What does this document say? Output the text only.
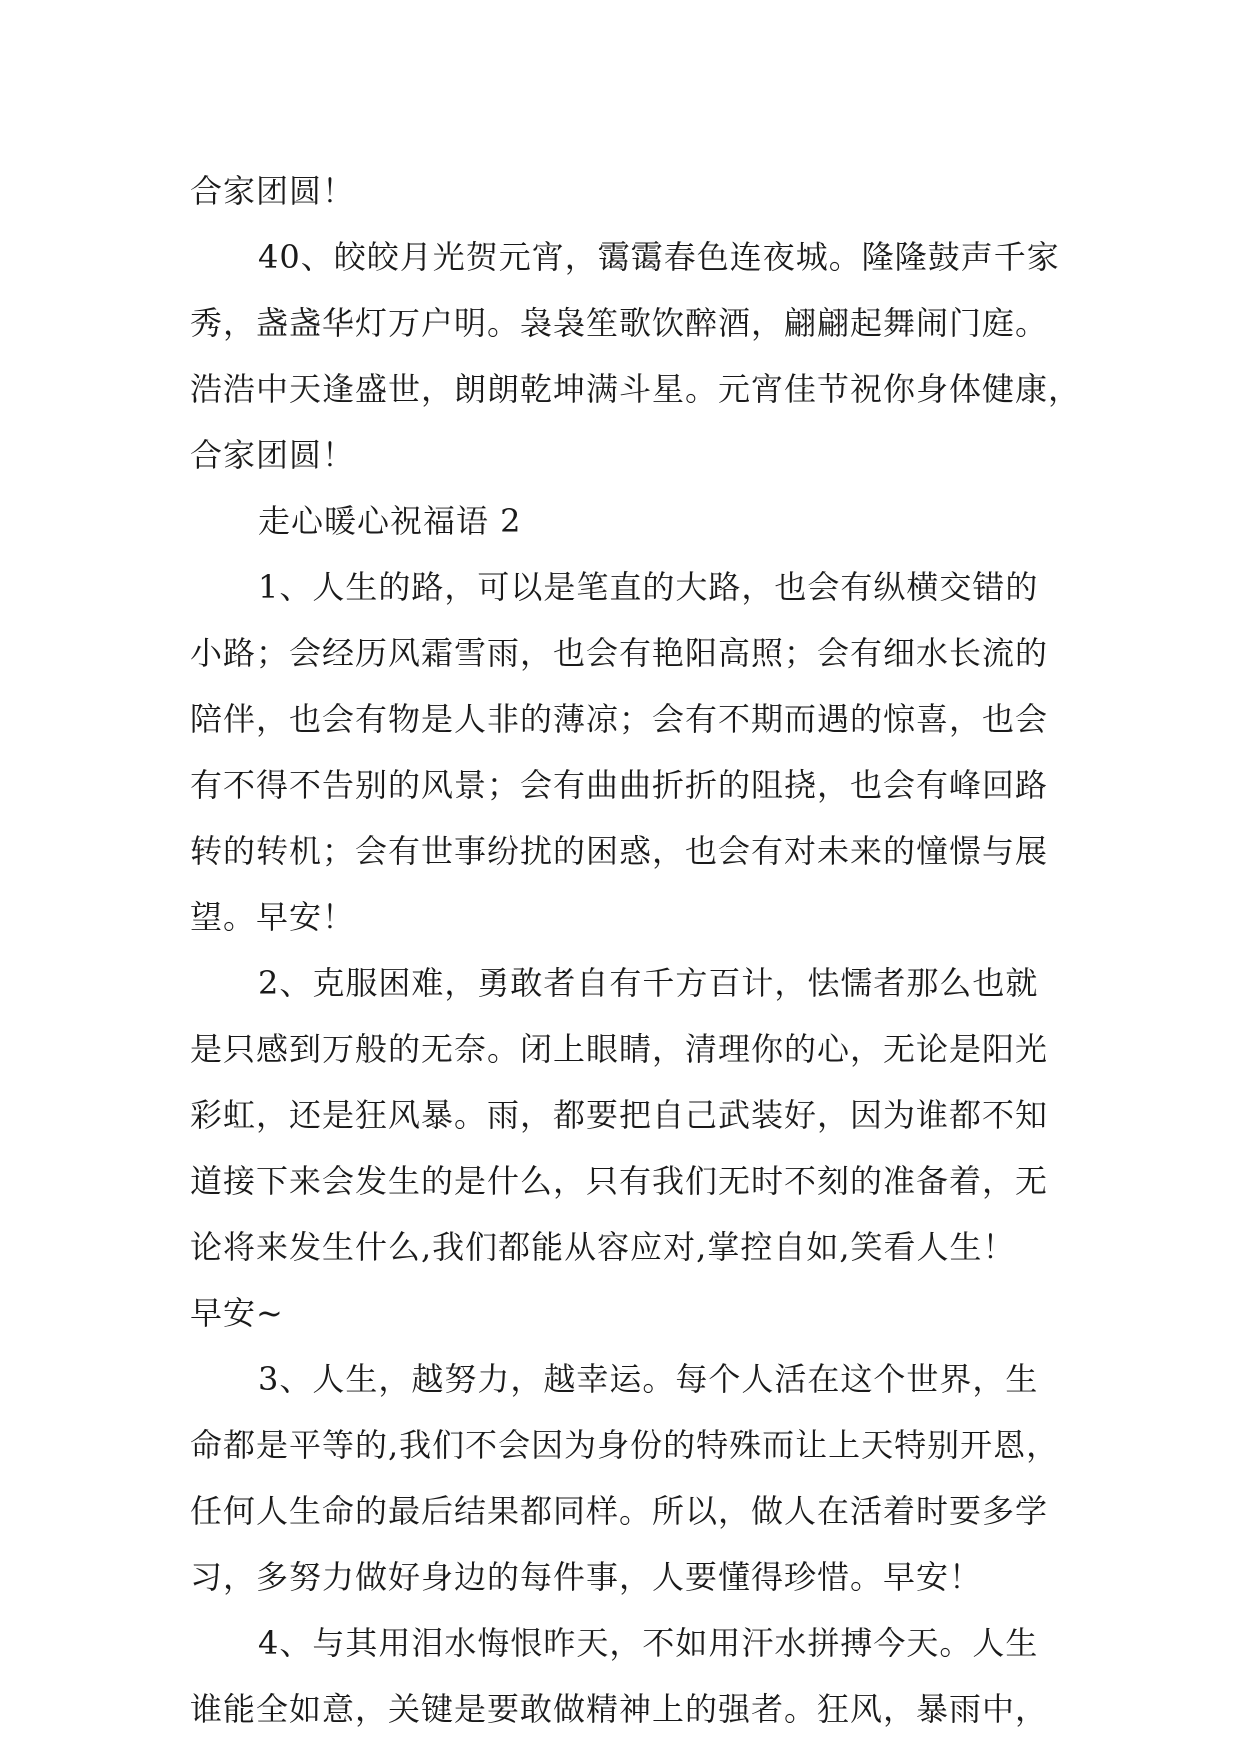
合家团圆！
40、皎皎月光贺元宵，霭霭春色连夜城。隆隆鼓声千家
秀，盏盏华灯万户明。袅袅笙歌饮醉酒，翩翩起舞闹门庭。
浩浩中天逢盛世，朗朗乾坤满斗星。元宵佳节祝你身体健康，
合家团圆！
走心暖心祝福语 2
1、人生的路，可以是笔直的大路，也会有纵横交错的
小路；会经历风霜雪雨，也会有艳阳高照；会有细水长流的
陪伴，也会有物是人非的薄凉；会有不期而遇的惊喜，也会
有不得不告别的风景；会有曲曲折折的阻挠，也会有峰回路
转的转机；会有世事纷扰的困惑，也会有对未来的憧憬与展
望。早安！
2、克服困难，勇敢者自有千方百计，怯懦者那么也就
是只感到万般的无奈。闭上眼睛，清理你的心，无论是阳光
彩虹，还是狂风暴。雨，都要把自己武装好，因为谁都不知
道接下来会发生的是什么，只有我们无时不刻的准备着，无
论将来发生什么,我们都能从容应对,掌控自如,笑看人生！
早安~
3、人生，越努力，越幸运。每个人活在这个世界，生
命都是平等的,我们不会因为身份的特殊而让上天特别开恩，
任何人生命的最后结果都同样。所以，做人在活着时要多学
习，多努力做好身边的每件事，人要懂得珍惜。早安！
4、与其用泪水悔恨昨天，不如用汗水拼搏今天。人生
谁能全如意，关键是要敢做精神上的强者。狂风，暴雨中，
